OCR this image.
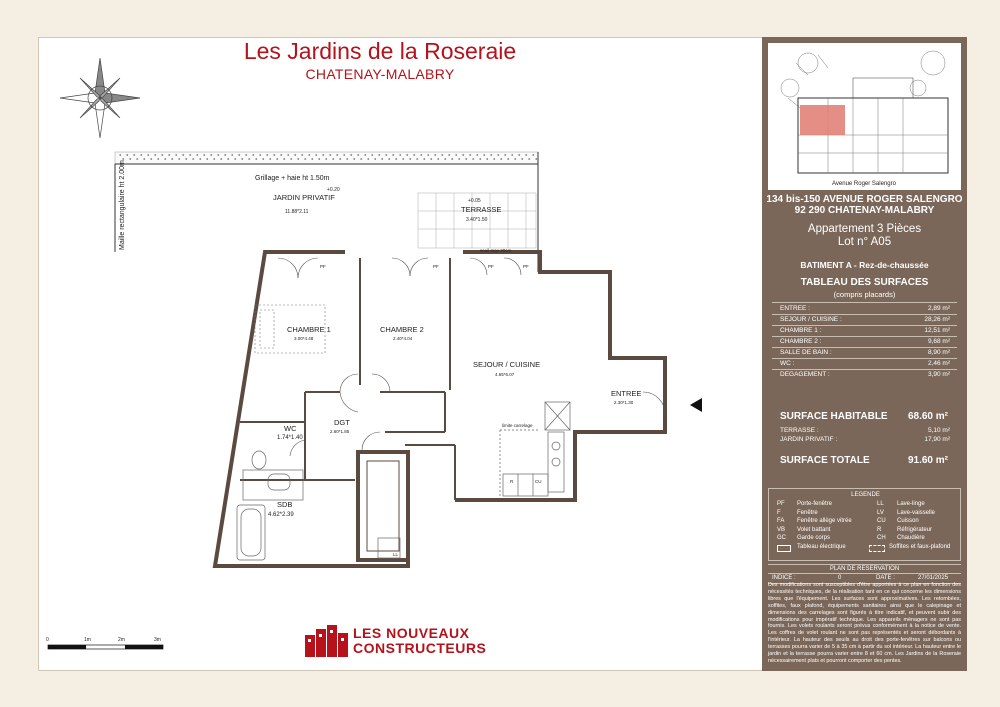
Les Jardins de la Roseraie
CHATENAY-MALABRY
Grillage + haie ht 1.50m
Maille rectangulaire ht 2.00m	+0.20
+0.05
seuil max 20cm
JARDIN PRIVATIF
11.88*2.11	TERRASSE
3.40*1.50
CHAMBRE 1
3.00*4.48
CHAMBRE 2
2.40*4.04
SEJOUR / CUISINE
4.65*6.07
ENTREE
2.30*1.30
DGT
2.60*1.85
WC
1.74*1.40
SDB
4.62*2.39
limite carrelage
PF	PF	PF	PF
R	CU
LL
0	1m	2m	3m	LES NOUVEAUX
CONSTRUCTEURS
Avenue Roger Salengro
134 bis-150 AVENUE ROGER SALENGRO
92 290 CHATENAY-MALABRY
Appartement 3 Pièces
Lot n° A05
BATIMENT A - Rez-de-chaussée
TABLEAU DES SURFACES
(compris placards)
ENTREE :	2,89 m²
SEJOUR / CUISINE :	28,26 m²
CHAMBRE 1 :	12,51 m²
CHAMBRE 2 :	9,68 m²
SALLE DE BAIN :	8,90 m²
WC :	2,46 m²
DEGAGEMENT :	3,90 m²
SURFACE HABITABLE 68.60 m²
TERRASSE :	5,10 m²
JARDIN PRIVATIF :	17,90 m²
SURFACE TOTALE	91.60 m²
LEGENDE
PF Porte-fenêtre	LL Lave-linge
F	Fenêtre	LV Lave-vaisselle
FA Fenêtre allège vitrée	CU Cuisson
VB Volet battant	R	Réfrigérateur
GC Garde corps	CH Chaudière
Tableau électrique	Soffites et faux-plafond
PLAN DE RESERVATION
INDICE :	0	DATE :	27/01/2025
Des modifications sont susceptibles d'être apportées à ce plan en fonction des nécessités techniques, de la réalisation tant en ce qui concerne les dimensions libres que l'équipement. Les surfaces sont approximatives. Les retombées, soffites, faux plafond, équipements sanitaires ainsi que le calepinage et dimensions des carrelages sont figurés à titre indicatif, et peuvent subir des modifications pour impératif technique. Les appareils ménagers ne sont pas fournis. Les volets roulants seront prévus conformément à la notice de vente. Les coffres de volet roulant ne sont pas représentés et seront débordants à l'intérieur. La hauteur des seuils au droit des porte-fenêtres sur balcons ou terrasses pourra varier de 5 à 35 cm à partir du sol intérieur. La hauteur entre le jardin et la terrasse pourra varier entre 8 et 60 cm. Les Jardins de la Roseraie nécessairement plats et pourront comporter des pentes.
